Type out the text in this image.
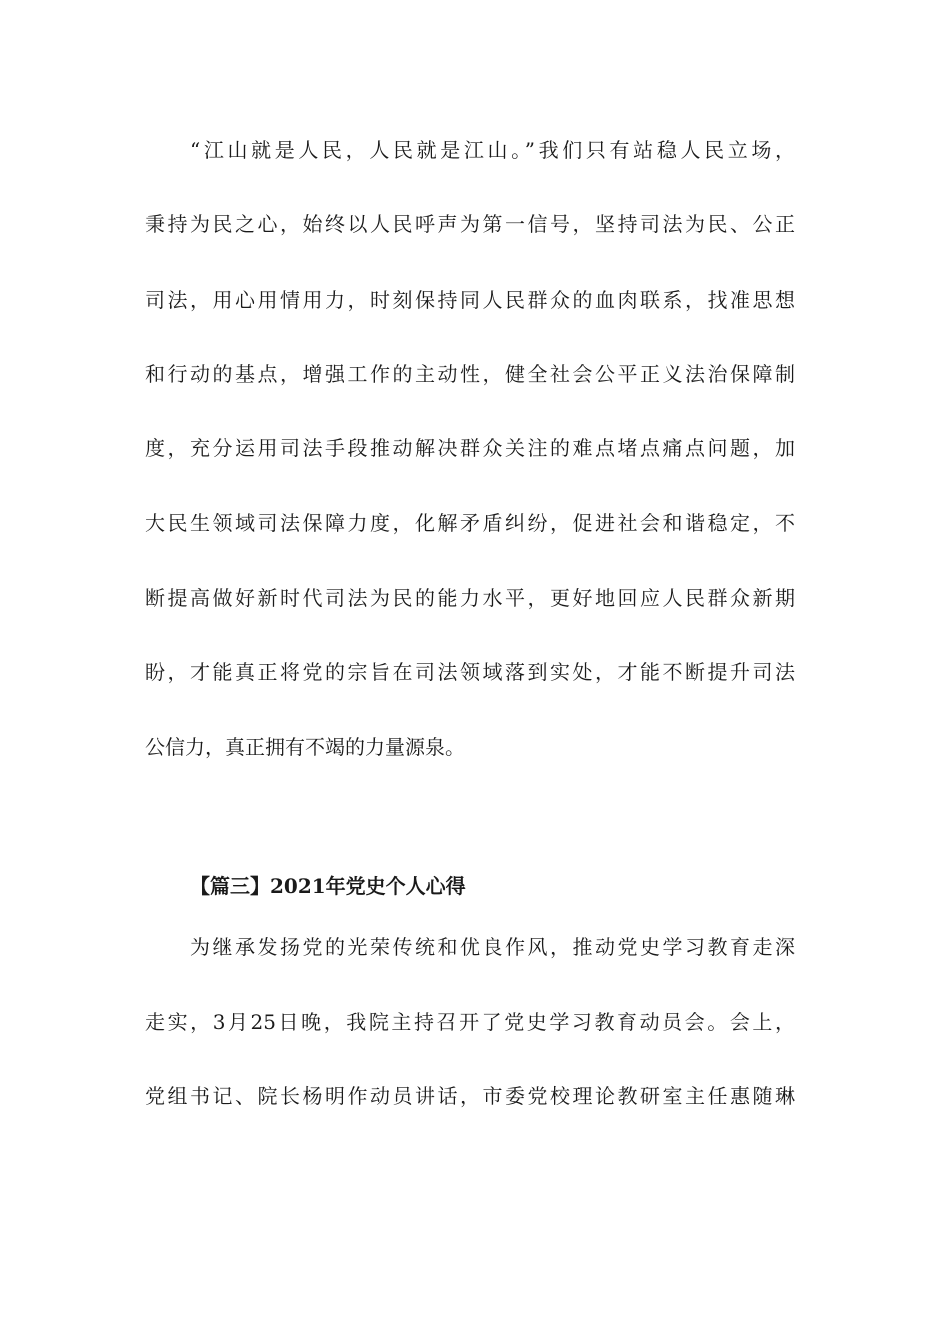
“江山就是人民，人民就是江山。”我们只有站稳人民立场，
秉持为民之心，始终以人民呼声为第一信号，坚持司法为民、公正
司法，用心用情用力，时刻保持同人民群众的血肉联系，找准思想
和行动的基点，增强工作的主动性，健全社会公平正义法治保障制
度，充分运用司法手段推动解决群众关注的难点堵点痛点问题，加
大民生领域司法保障力度，化解矛盾纠纷，促进社会和谐稳定，不
断提高做好新时代司法为民的能力水平，更好地回应人民群众新期
盼，才能真正将党的宗旨在司法领域落到实处，才能不断提升司法
公信力，真正拥有不竭的力量源泉。
【篇三】2021年党史个人心得
为继承发扬党的光荣传统和优良作风，推动党史学习教育走深
走实，3月25日晚，我院主持召开了党史学习教育动员会。会上，
党组书记、院长杨明作动员讲话，市委党校理论教研室主任惠随琳
